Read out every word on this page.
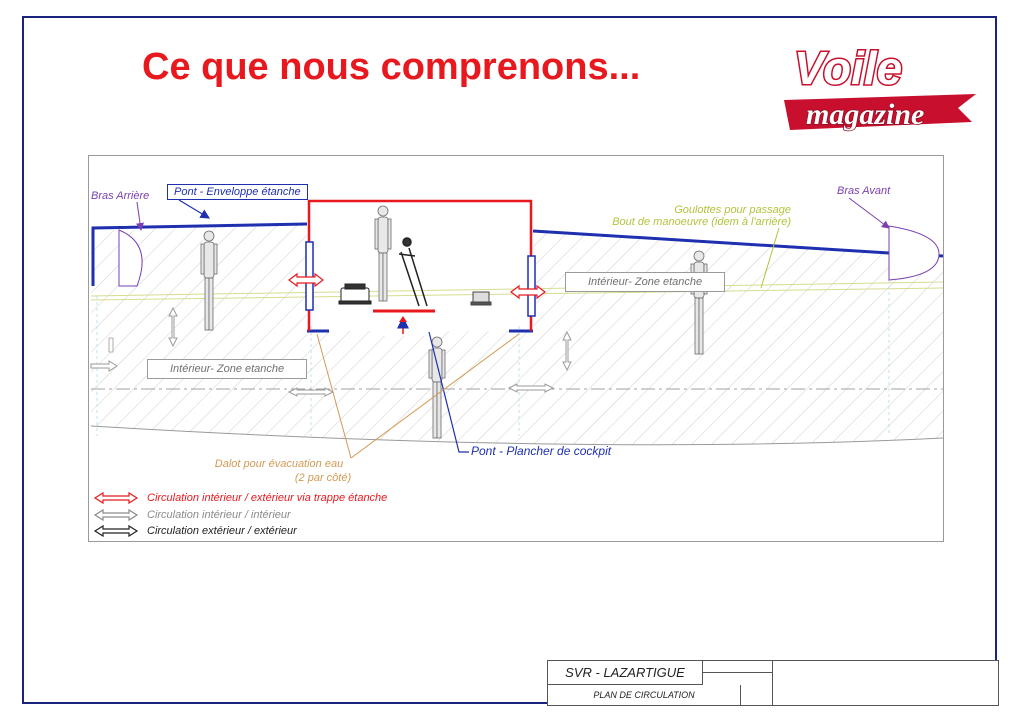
Ce que nous comprenons...	Voile
magazine
Bras Arrière	Pont - Enveloppe étanche	Bras Avant
Goulottes pour passage
Bout de manoeuvre (idem à l'arrière)
Intérieur- Zone etanche
Intérieur- Zone etanche
Pont - Plancher de cockpit
Dalot pour évacuation eau
(2 par côté)
Circulation intérieur / extérieur via trappe étanche
Circulation intérieur / intérieur
Circulation extérieur / extérieur
SVR - LAZARTIGUE
PLAN DE CIRCULATION
